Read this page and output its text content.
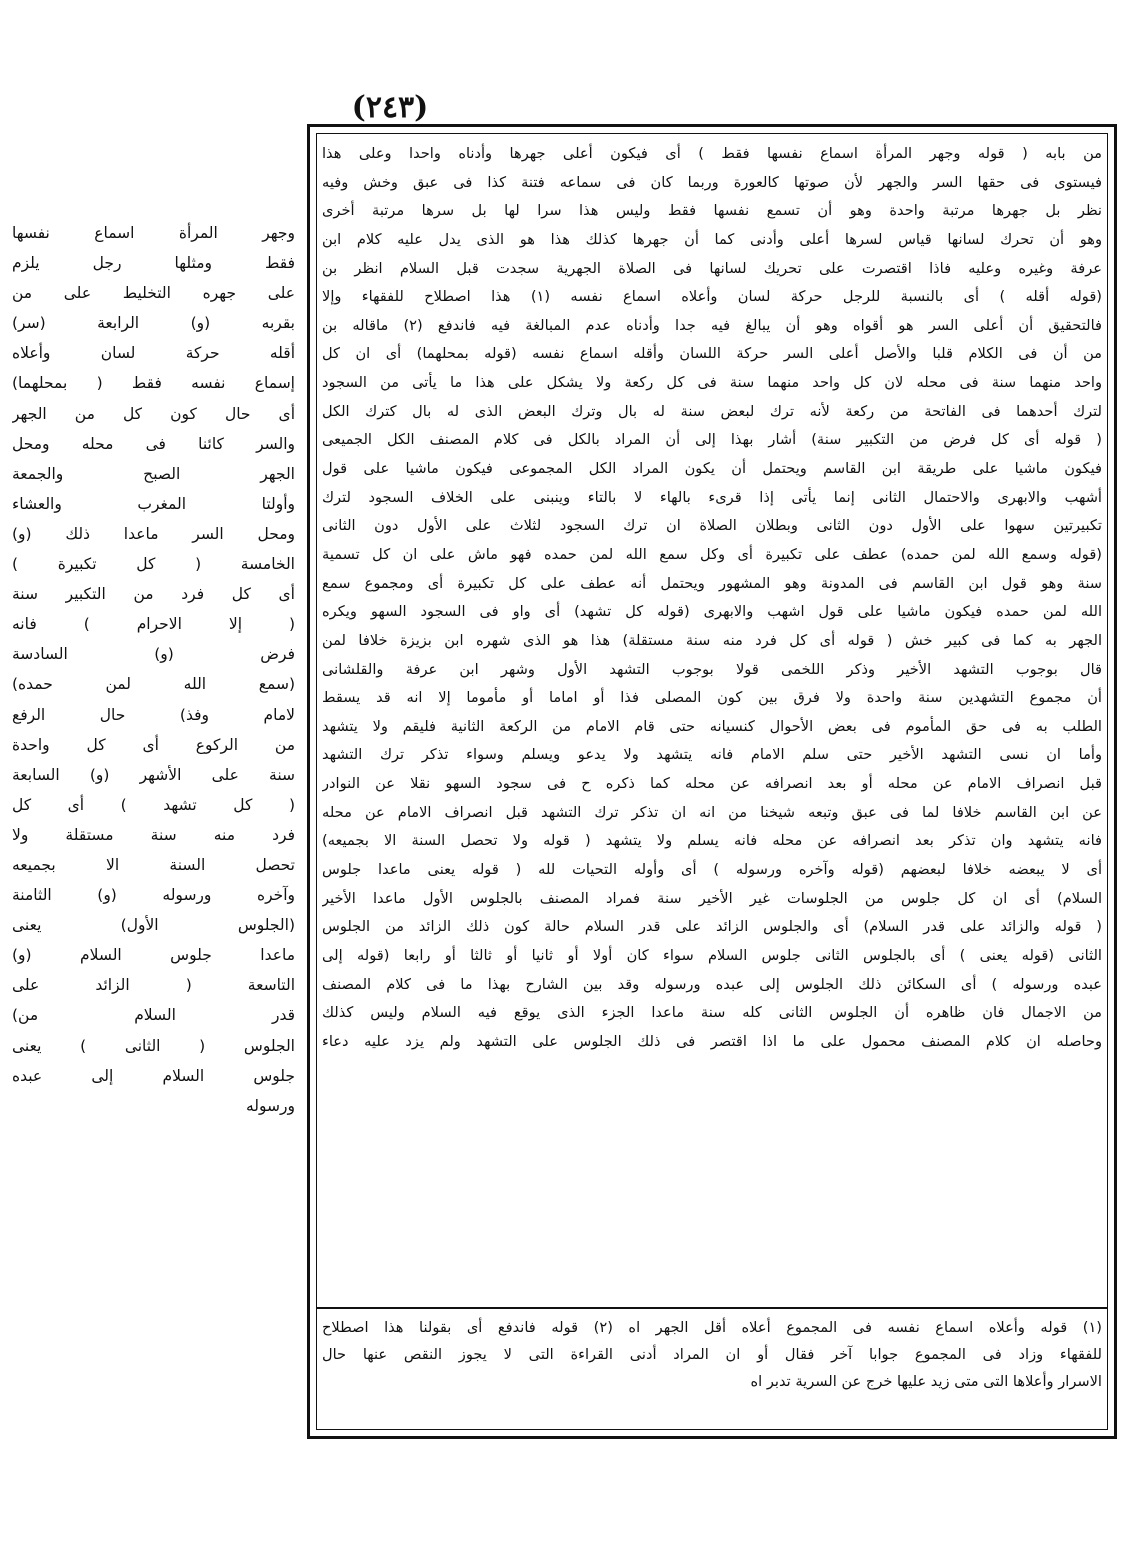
(٢٤٣)
من بابه ( قوله وجهر المرأة اسماع نفسها فقط ) أى فيكون أعلى جهرها وأدناه واحدا وعلى هذا
فيستوى فى حقها السر والجهر لأن صوتها كالعورة وربما كان فى سماعه فتنة كذا فى عبق وخش وفيه
نظر بل جهرها مرتبة واحدة وهو أن تسمع نفسها فقط وليس هذا سرا لها بل سرها مرتبة أخرى
وهو أن تحرك لسانها قياس لسرها أعلى وأدنى كما أن جهرها كذلك هذا هو الذى يدل عليه كلام ابن
عرفة وغيره وعليه فاذا اقتصرت على تحريك لسانها فى الصلاة الجهرية سجدت قبل السلام انظر بن
(قوله أقله ) أى بالنسبة للرجل حركة لسان وأعلاه اسماع نفسه (١) هذا اصطلاح للفقهاء وإلا
فالتحقيق أن أعلى السر هو أقواه وهو أن يبالغ فيه جدا وأدناه عدم المبالغة فيه فاندفع (٢) ماقاله بن
من أن فى الكلام قلبا والأصل أعلى السر حركة اللسان وأقله اسماع نفسه (قوله بمحلهما) أى ان كل
واحد منهما سنة فى محله لان كل واحد منهما سنة فى كل ركعة ولا يشكل على هذا ما يأتى من السجود
لترك أحدهما فى الفاتحة من ركعة لأنه ترك لبعض سنة له بال وترك البعض الذى له بال كترك الكل
( قوله أى كل فرض من التكبير سنة) أشار بهذا إلى أن المراد بالكل فى كلام المصنف الكل الجميعى
فيكون ماشيا على طريقة ابن القاسم ويحتمل أن يكون المراد الكل المجموعى فيكون ماشيا على قول
أشهب والابهرى والاحتمال الثانى إنما يأتى إذا قرىء بالهاء لا بالتاء وينبنى على الخلاف السجود لترك
تكبيرتين سهوا على الأول دون الثانى وبطلان الصلاة ان ترك السجود لثلاث على الأول دون الثانى
(قوله وسمع الله لمن حمده) عطف على تكبيرة أى وكل سمع الله لمن حمده فهو ماش على ان كل تسمية
سنة وهو قول ابن القاسم فى المدونة وهو المشهور ويحتمل أنه عطف على كل تكبيرة أى ومجموع سمع
الله لمن حمده فيكون ماشيا على قول اشهب والابهرى (قوله كل تشهد) أى واو فى السجود السهو ويكره
الجهر به كما فى كبير خش ( قوله أى كل فرد منه سنة مستقلة) هذا هو الذى شهره ابن بزيزة خلافا لمن
قال بوجوب التشهد الأخير وذكر اللخمى قولا بوجوب التشهد الأول وشهر ابن عرفة والقلشانى
أن مجموع التشهدين سنة واحدة ولا فرق بين كون المصلى فذا أو اماما أو مأموما إلا انه قد يسقط
الطلب به فى حق المأموم فى بعض الأحوال كنسيانه حتى قام الامام من الركعة الثانية فليقم ولا يتشهد
وأما ان نسى التشهد الأخير حتى سلم الامام فانه يتشهد ولا يدعو ويسلم وسواء تذكر ترك التشهد
قبل انصراف الامام عن محله أو بعد انصرافه عن محله كما ذكره ح فى سجود السهو نقلا عن النوادر
عن ابن القاسم خلافا لما فى عبق وتبعه شيخنا من انه ان تذكر ترك التشهد قبل انصراف الامام عن محله
فانه يتشهد وان تذكر بعد انصرافه عن محله فانه يسلم ولا يتشهد ( قوله ولا تحصل السنة الا بجميعه)
أى لا يبعضه خلافا لبعضهم (قوله وآخره ورسوله ) أى وأوله التحيات لله ( قوله يعنى ماعدا جلوس
السلام) أى ان كل جلوس من الجلوسات غير الأخير سنة فمراد المصنف بالجلوس الأول ماعدا الأخير
( قوله والزائد على قدر السلام) أى والجلوس الزائد على قدر السلام حالة كون ذلك الزائد من الجلوس
الثانى (قوله يعنى ) أى بالجلوس الثانى جلوس السلام سواء كان أولا أو ثانيا أو ثالثا أو رابعا (قوله إلى
عبده ورسوله ) أى السكائن ذلك الجلوس إلى عبده ورسوله وقد بين الشارح بهذا ما فى كلام المصنف
من الاجمال فان ظاهره أن الجلوس الثانى كله سنة ماعدا الجزء الذى يوقع فيه السلام وليس كذلك
وحاصله ان كلام المصنف محمول على ما اذا اقتصر فى ذلك الجلوس على التشهد ولم يزد عليه دعاء
(١) قوله وأعلاه اسماع نفسه فى المجموع أعلاه أقل الجهر اه (٢) قوله فاندفع أى بقولنا هذا اصطلاح
للفقهاء وزاد فى المجموع جوابا آخر فقال أو ان المراد أدنى القراءة التى لا يجوز النقص عنها حال
الاسرار وأعلاها التى متى زيد عليها خرج عن السرية تدبر اه
وجهر المرأة اسماع نفسها
فقط ومثلها رجل يلزم
على جهره التخليط على من
بقربه (و) الرابعة (سر)
أقله حركة لسان وأعلاه
إسماع نفسه فقط ( بمحلهما)
أى حال كون كل من الجهر
والسر كائنا فى محله ومحل
الجهر الصبح والجمعة
وأولتا المغرب والعشاء
ومحل السر ماعدا ذلك (و)
الخامسة ( كل تكبيرة )
أى كل فرد من التكبير سنة
( إلا الاحرام ) فانه
فرض (و) السادسة
(سمع الله لمن حمده)
لامام وفذ) حال الرفع
من الركوع أى كل واحدة
سنة على الأشهر (و) السابعة
( كل تشهد ) أى كل
فرد منه سنة مستقلة ولا
تحصل السنة الا بجميعه
وآخره ورسوله (و) الثامنة
(الجلوس الأول) يعنى
ماعدا جلوس السلام (و)
التاسعة ( الزائد على
قدر السلام من)
الجلوس ( الثانى ) يعنى
جلوس السلام إلى عبده
ورسوله
